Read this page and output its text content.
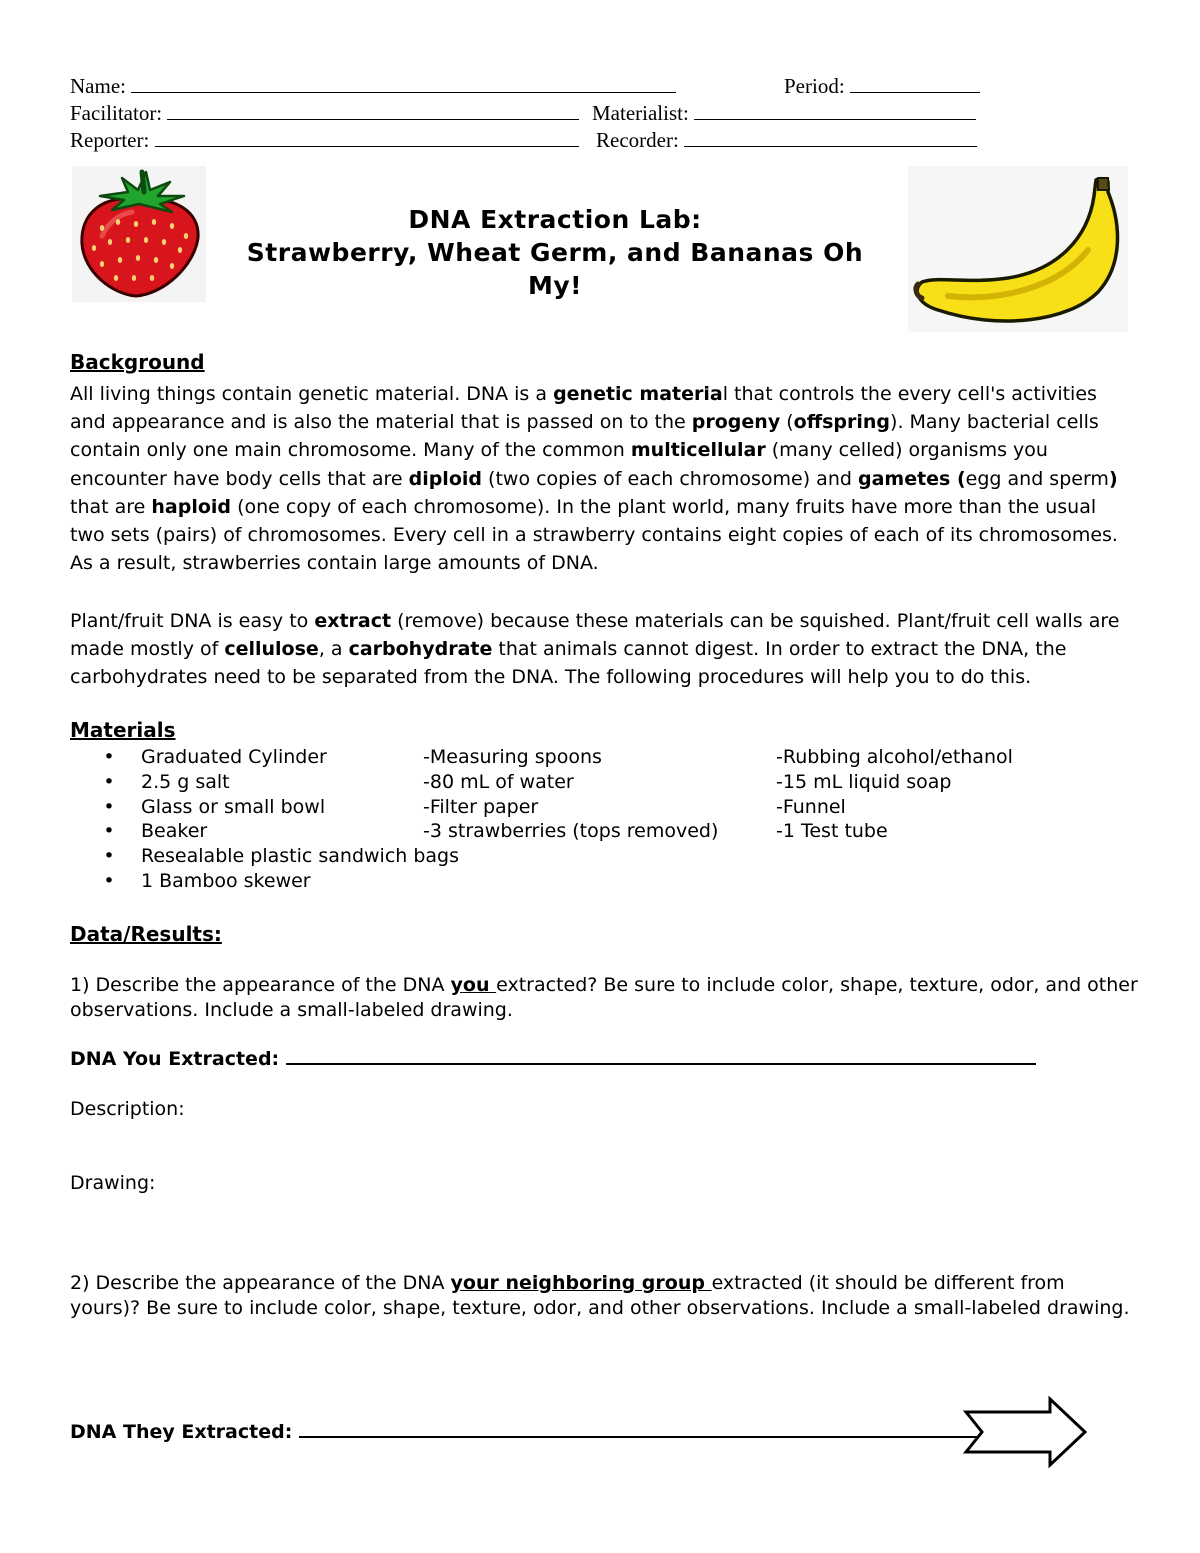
Name:	Period:
Facilitator:	Materialist:
Reporter:	Recorder:
DNA Extraction Lab:
Strawberry, Wheat Germ, and Bananas Oh
My!
Background
All living things contain genetic material. DNA is a genetic material that controls the every cell's activities and appearance and is also the material that is passed on to the progeny (offspring). Many bacterial cells contain only one main chromosome. Many of the common multicellular (many celled) organisms you encounter have body cells that are diploid (two copies of each chromosome) and gametes (egg and sperm) that are haploid (one copy of each chromosome). In the plant world, many fruits have more than the usual two sets (pairs) of chromosomes. Every cell in a strawberry contains eight copies of each of its chromosomes. As a result, strawberries contain large amounts of DNA.
Plant/fruit DNA is easy to extract (remove) because these materials can be squished. Plant/fruit cell walls are made mostly of cellulose, a carbohydrate that animals cannot digest. In order to extract the DNA, the carbohydrates need to be separated from the DNA. The following procedures will help you to do this.
Materials
• Graduated Cylinder	-Measuring spoons	-Rubbing alcohol/ethanol
• 2.5 g salt	-80 mL of water	-15 mL liquid soap
• Glass or small bowl	-Filter paper	-Funnel
• Beaker	-3 strawberries (tops removed)	-1 Test tube
• Resealable plastic sandwich bags
• 1 Bamboo skewer
Data/Results:
1) Describe the appearance of the DNA you extracted? Be sure to include color, shape, texture, odor, and other observations. Include a small-labeled drawing.
DNA You Extracted:
Description:
Drawing:
2) Describe the appearance of the DNA your neighboring group extracted (it should be different from yours)? Be sure to include color, shape, texture, odor, and other observations. Include a small-labeled drawing.
DNA They Extracted:
